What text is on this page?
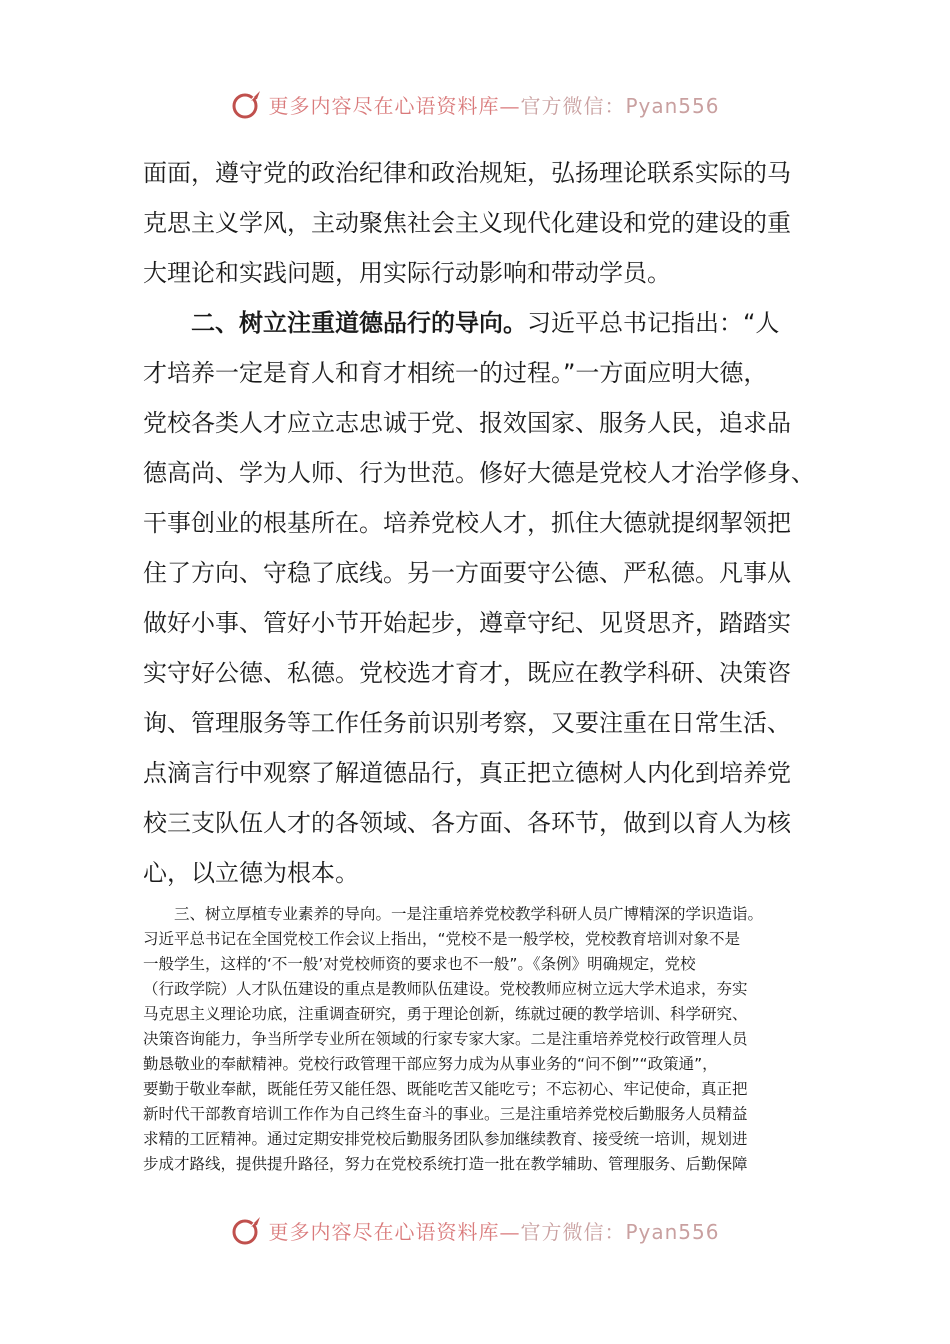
更多内容尽在心语资料库—官方微信：Pyan556
面面，遵守党的政治纪律和政治规矩，弘扬理论联系实际的马
克思主义学风，主动聚焦社会主义现代化建设和党的建设的重
大理论和实践问题，用实际行动影响和带动学员。
二、树立注重道德品行的导向。习近平总书记指出：“人
才培养一定是育人和育才相统一的过程。”一方面应明大德，
党校各类人才应立志忠诚于党、报效国家、服务人民，追求品
德高尚、学为人师、行为世范。修好大德是党校人才治学修身、
干事创业的根基所在。培养党校人才，抓住大德就提纲挈领把
住了方向、守稳了底线。另一方面要守公德、严私德。凡事从
做好小事、管好小节开始起步，遵章守纪、见贤思齐，踏踏实
实守好公德、私德。党校选才育才，既应在教学科研、决策咨
询、管理服务等工作任务前识别考察，又要注重在日常生活、
点滴言行中观察了解道德品行，真正把立德树人内化到培养党
校三支队伍人才的各领域、各方面、各环节，做到以育人为核
心，以立德为根本。
三、树立厚植专业素养的导向。一是注重培养党校教学科研人员广博精深的学识造诣。
习近平总书记在全国党校工作会议上指出，“党校不是一般学校，党校教育培训对象不是
一般学生，这样的‘不一般’对党校师资的要求也不一般”。《条例》明确规定，党校
（行政学院）人才队伍建设的重点是教师队伍建设。党校教师应树立远大学术追求，夯实
马克思主义理论功底，注重调查研究，勇于理论创新，练就过硬的教学培训、科学研究、
决策咨询能力，争当所学专业所在领域的行家专家大家。二是注重培养党校行政管理人员
勤恳敬业的奉献精神。党校行政管理干部应努力成为从事业务的“问不倒”“政策通”，
要勤于敬业奉献，既能任劳又能任怨、既能吃苦又能吃亏；不忘初心、牢记使命，真正把
新时代干部教育培训工作作为自己终生奋斗的事业。三是注重培养党校后勤服务人员精益
求精的工匠精神。通过定期安排党校后勤服务团队参加继续教育、接受统一培训，规划进
步成才路线，提供提升路径，努力在党校系统打造一批在教学辅助、管理服务、后勤保障
更多内容尽在心语资料库—官方微信：Pyan556
